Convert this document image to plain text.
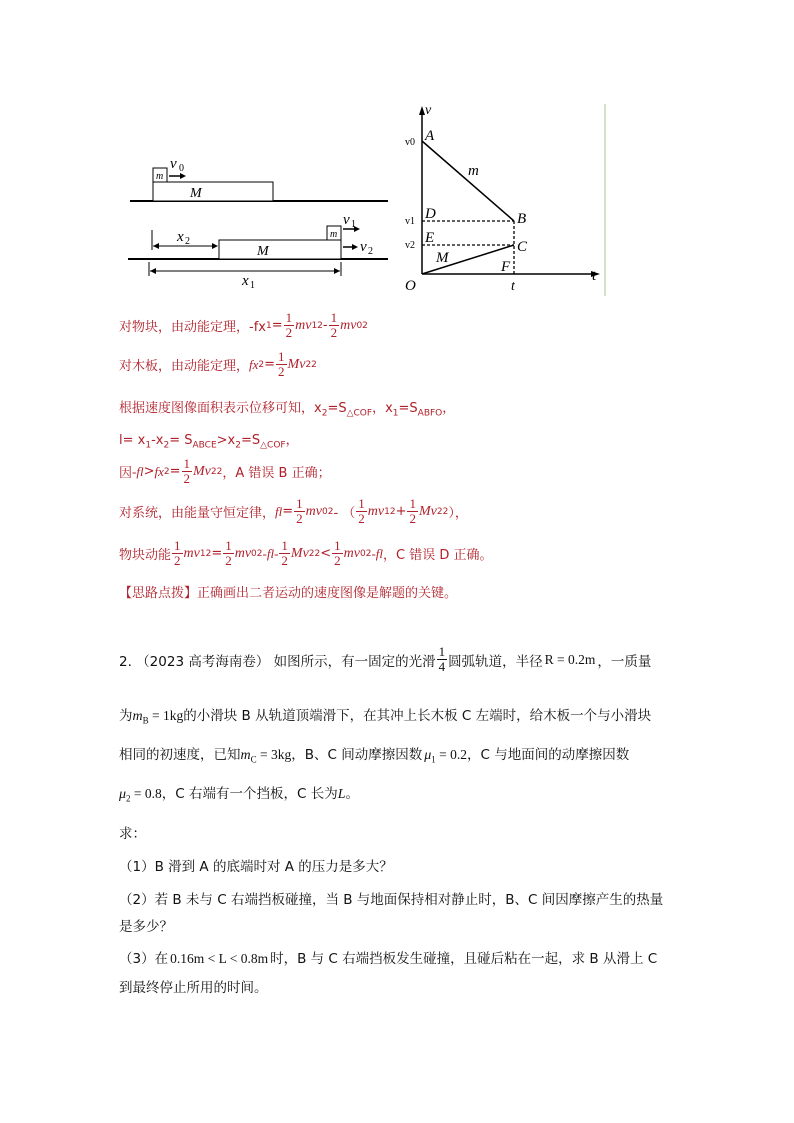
m
M
v 0
m
M
v 1
v 2
x 2
x 1
v
t
O
v0
v1
v2
t
A
B
C
D
E
F
m
M
对物块，由动能定理，-fx $1 = \frac{1}{2}$ mv 1 $2 - \frac{1}{2}$ mv 0 2
对木板，由动能定理， fx $2 = \frac{1}{2}$ Mv 2 2
根据速度图像面积表示位移可知，$x_2=S_{\triangle COF}$，$x_1=S_{ABFO}$，
$l= x_1-x_2= S_{ABCE}>x_2=S_{\triangle COF}$，
因 -fl > fx $2 = \frac{1}{2}$ Mv 2 2 ，A 错误 B 正确；
对系统，由能量守恒定律， fl = $\frac{1}{2}$ mv 0 2 - （ $\frac{1}{2}$ mv 1 $2 + \frac{1}{2}$ Mv 2 2 ），
物块动能 $\frac{1}{2}$ mv 1 $2 = \frac{1}{2}$ mv 0 2 $-fl- \frac{1}{2}$ Mv 2 $2 < \frac{1}{2}$ mv 0 2 -fl ，C 错误 D 正确。
【思路点拨】正确画出二者运动的速度图像是解题的关键。
2. （2023 高考海南卷） 如图所示，有一固定的光滑 $\frac{1}{4}$ 圆弧轨道，半径 R = 0.2m ，一质量
为$m_B = 1kg$的小滑块 B 从轨道顶端滑下，在其冲上长木板 C 左端时，给木板一个与小滑块
相同的初速度，已知$m_C = 3kg$，B、C 间动摩擦因数 $\mu_1 = 0.2$，C 与地面间的动摩擦因数
$\mu_2 = 0.8$，C 右端有一个挡板，C 长为L。
求：
（1）B 滑到 A 的底端时对 A 的压力是多大？
（2）若 B 未与 C 右端挡板碰撞，当 B 与地面保持相对静止时，B、C 间因摩擦产生的热量
是多少？
（3）在 0.16m < L < 0.8m 时，B 与 C 右端挡板发生碰撞，且碰后粘在一起，求 B 从滑上 C
到最终停止所用的时间。
